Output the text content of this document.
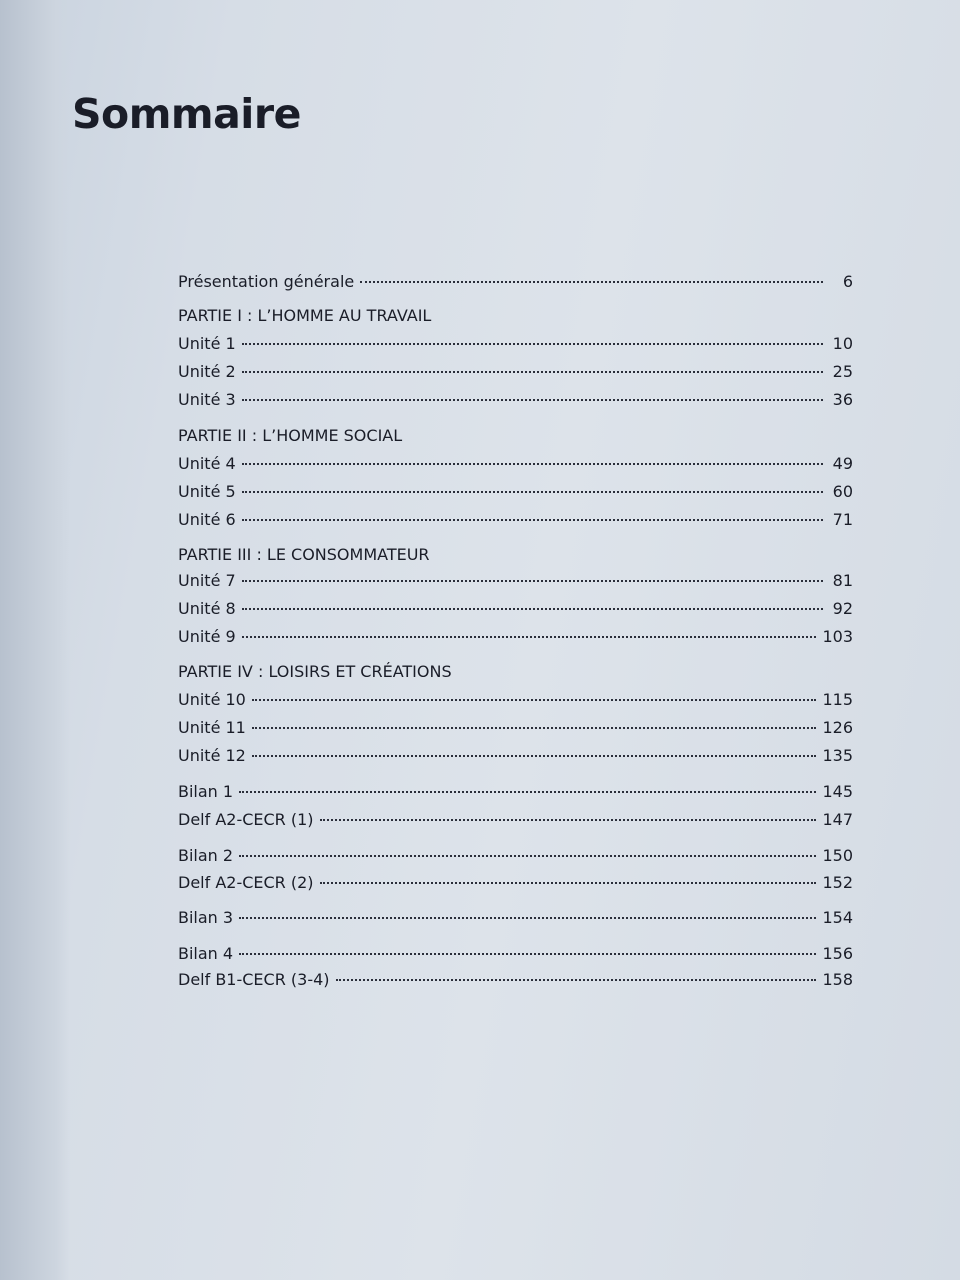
Sommaire
Présentation générale	6
PARTIE I : L’HOMME AU TRAVAIL
Unité 1	10
Unité 2	25
Unité 3	36
PARTIE II : L’HOMME SOCIAL
Unité 4	49
Unité 5	60
Unité 6	71
PARTIE III : LE CONSOMMATEUR
Unité 7	81
Unité 8	92
Unité 9	103
PARTIE IV : LOISIRS ET CRÉATIONS
Unité 10	115
Unité 11	126
Unité 12	135
Bilan 1	145
Delf A2-CECR (1)	147
Bilan 2	150
Delf A2-CECR (2)	152
Bilan 3	154
Bilan 4	156
Delf B1-CECR (3-4)	158
